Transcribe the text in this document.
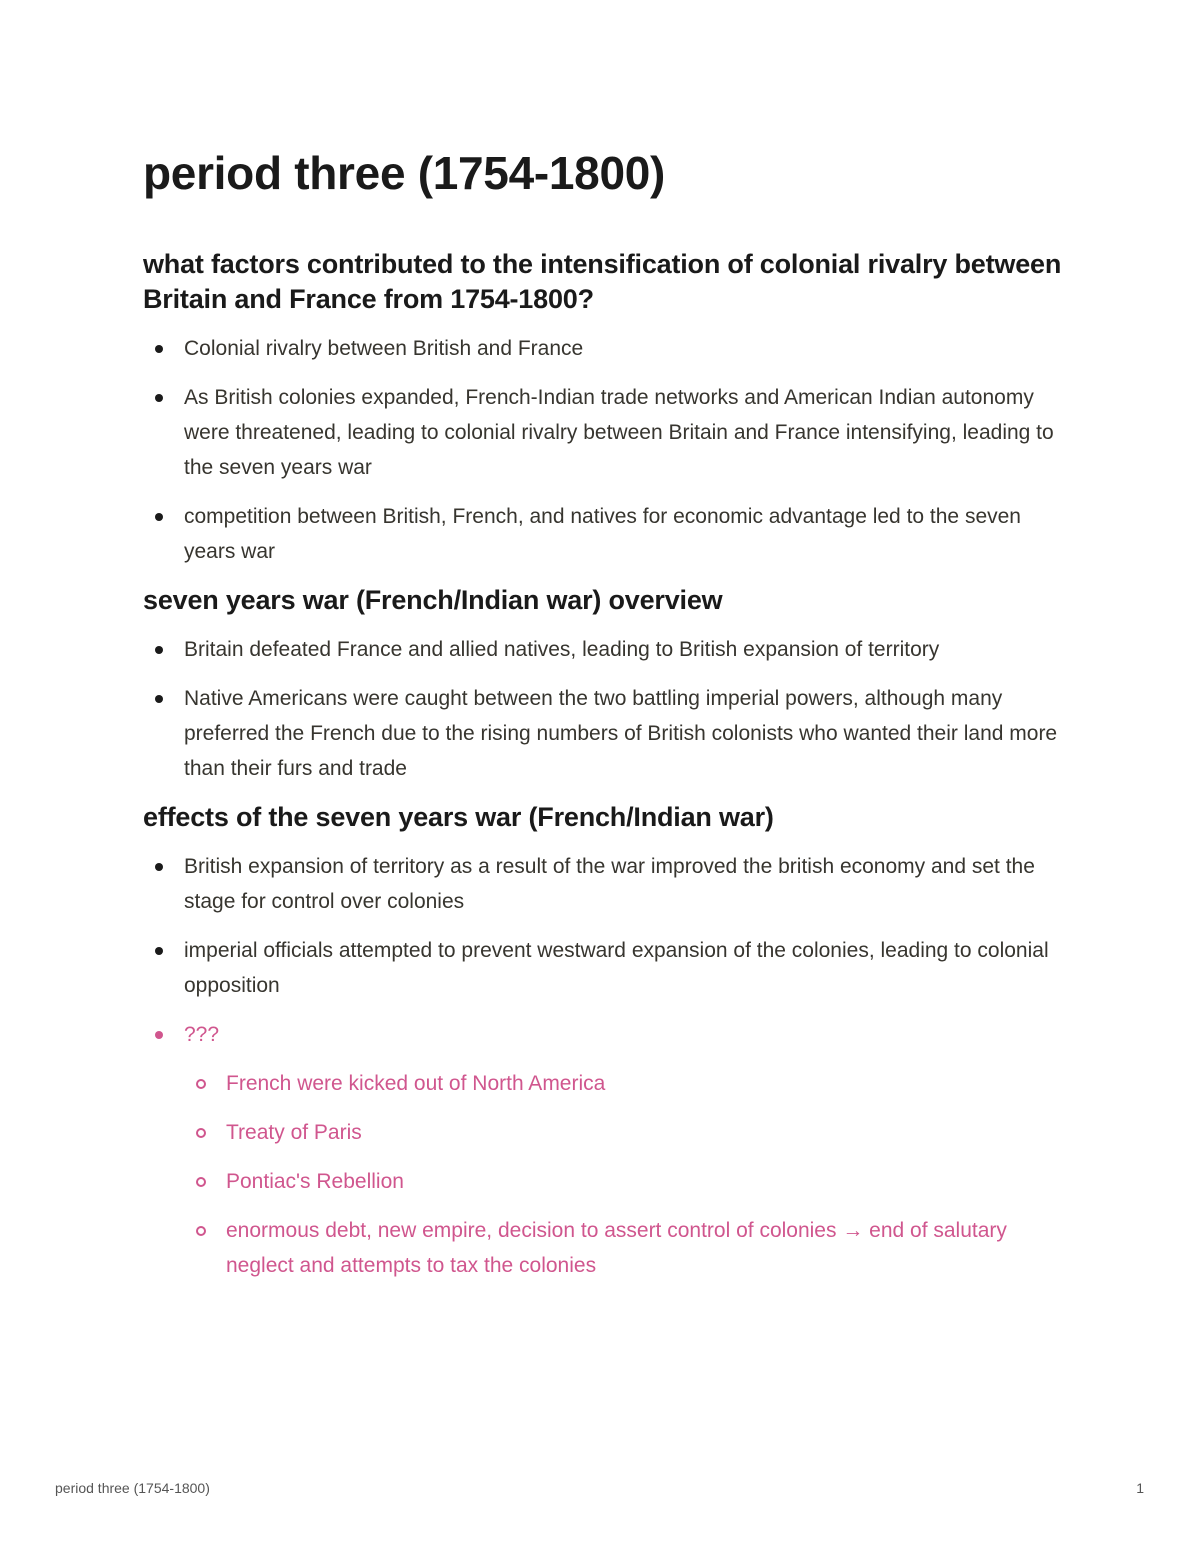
period three (1754-1800)
what factors contributed to the intensification of colonial rivalry between Britain and France from 1754-1800?
Colonial rivalry between British and France
As British colonies expanded, French-Indian trade networks and American Indian autonomy were threatened, leading to colonial rivalry between Britain and France intensifying, leading to the seven years war
competition between British, French, and natives for economic advantage led to the seven years war
seven years war (French/Indian war) overview
Britain defeated France and allied natives, leading to British expansion of territory
Native Americans were caught between the two battling imperial powers, although many preferred the French due to the rising numbers of British colonists who wanted their land more than their furs and trade
effects of the seven years war (French/Indian war)
British expansion of territory as a result of the war improved the british economy and set the stage for control over colonies
imperial officials attempted to prevent westward expansion of the colonies, leading to colonial opposition
???
French were kicked out of North America
Treaty of Paris
Pontiac's Rebellion
enormous debt, new empire, decision to assert control of colonies → end of salutary neglect and attempts to tax the colonies
period three (1754-1800)	1
